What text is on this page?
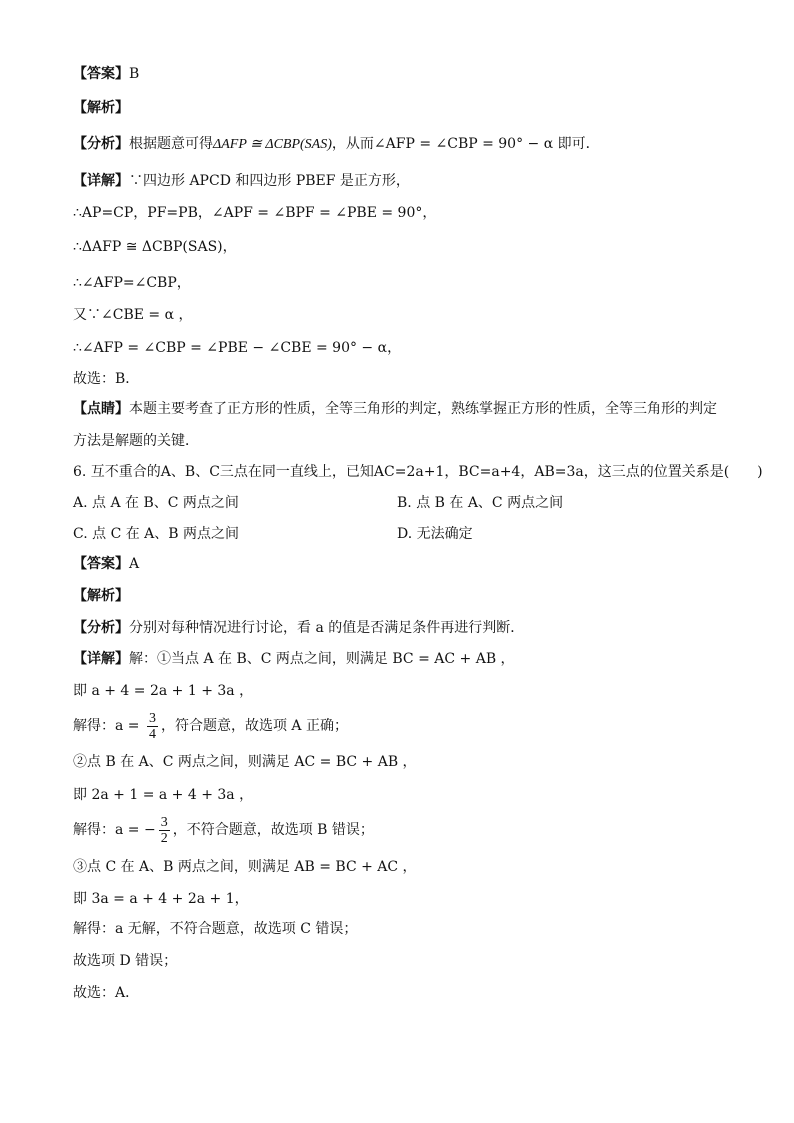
【答案】B
【解析】
【分析】根据题意可得ΔAFP ≅ ΔCBP(SAS)，从而∠AFP = ∠CBP = 90° − α 即可．
【详解】∵四边形 APCD 和四边形 PBEF 是正方形，
∴AP=CP，PF=PB，∠APF = ∠BPF = ∠PBE = 90°，
∴ΔAFP ≅ ΔCBP(SAS)，
∴∠AFP=∠CBP，
又∵∠CBE = α ，
∴∠AFP = ∠CBP = ∠PBE − ∠CBE = 90° − α，
故选：B．
【点睛】本题主要考查了正方形的性质，全等三角形的判定，熟练掌握正方形的性质，全等三角形的判定
方法是解题的关键．
6. 互不重合的A、B、C三点在同一直线上，已知AC=2a+1，BC=a+4，AB=3a，这三点的位置关系是(　　)
A. 点 A 在 B、C 两点之间	B. 点 B 在 A、C 两点之间
C. 点 C 在 A、B 两点之间	D. 无法确定
【答案】A
【解析】
【分析】分别对每种情况进行讨论，看 a 的值是否满足条件再进行判断．
【详解】解：①当点 A 在 B、C 两点之间，则满足 BC = AC + AB ，
即 a + 4 = 2a + 1 + 3a ，
解得：$a = \frac{3}{4}$ ，符合题意，故选项 A 正确；
②点 B 在 A、C 两点之间，则满足 AC = BC + AB ，
即 2a + 1 = a + 4 + 3a ，
解得：a = − $\frac{3}{2}$ ，不符合题意，故选项 B 错误；
③点 C 在 A、B 两点之间，则满足 AB = BC + AC ，
即 3a = a + 4 + 2a + 1，
解得：a 无解，不符合题意，故选项 C 错误；
故选项 D 错误；
故选：A．
